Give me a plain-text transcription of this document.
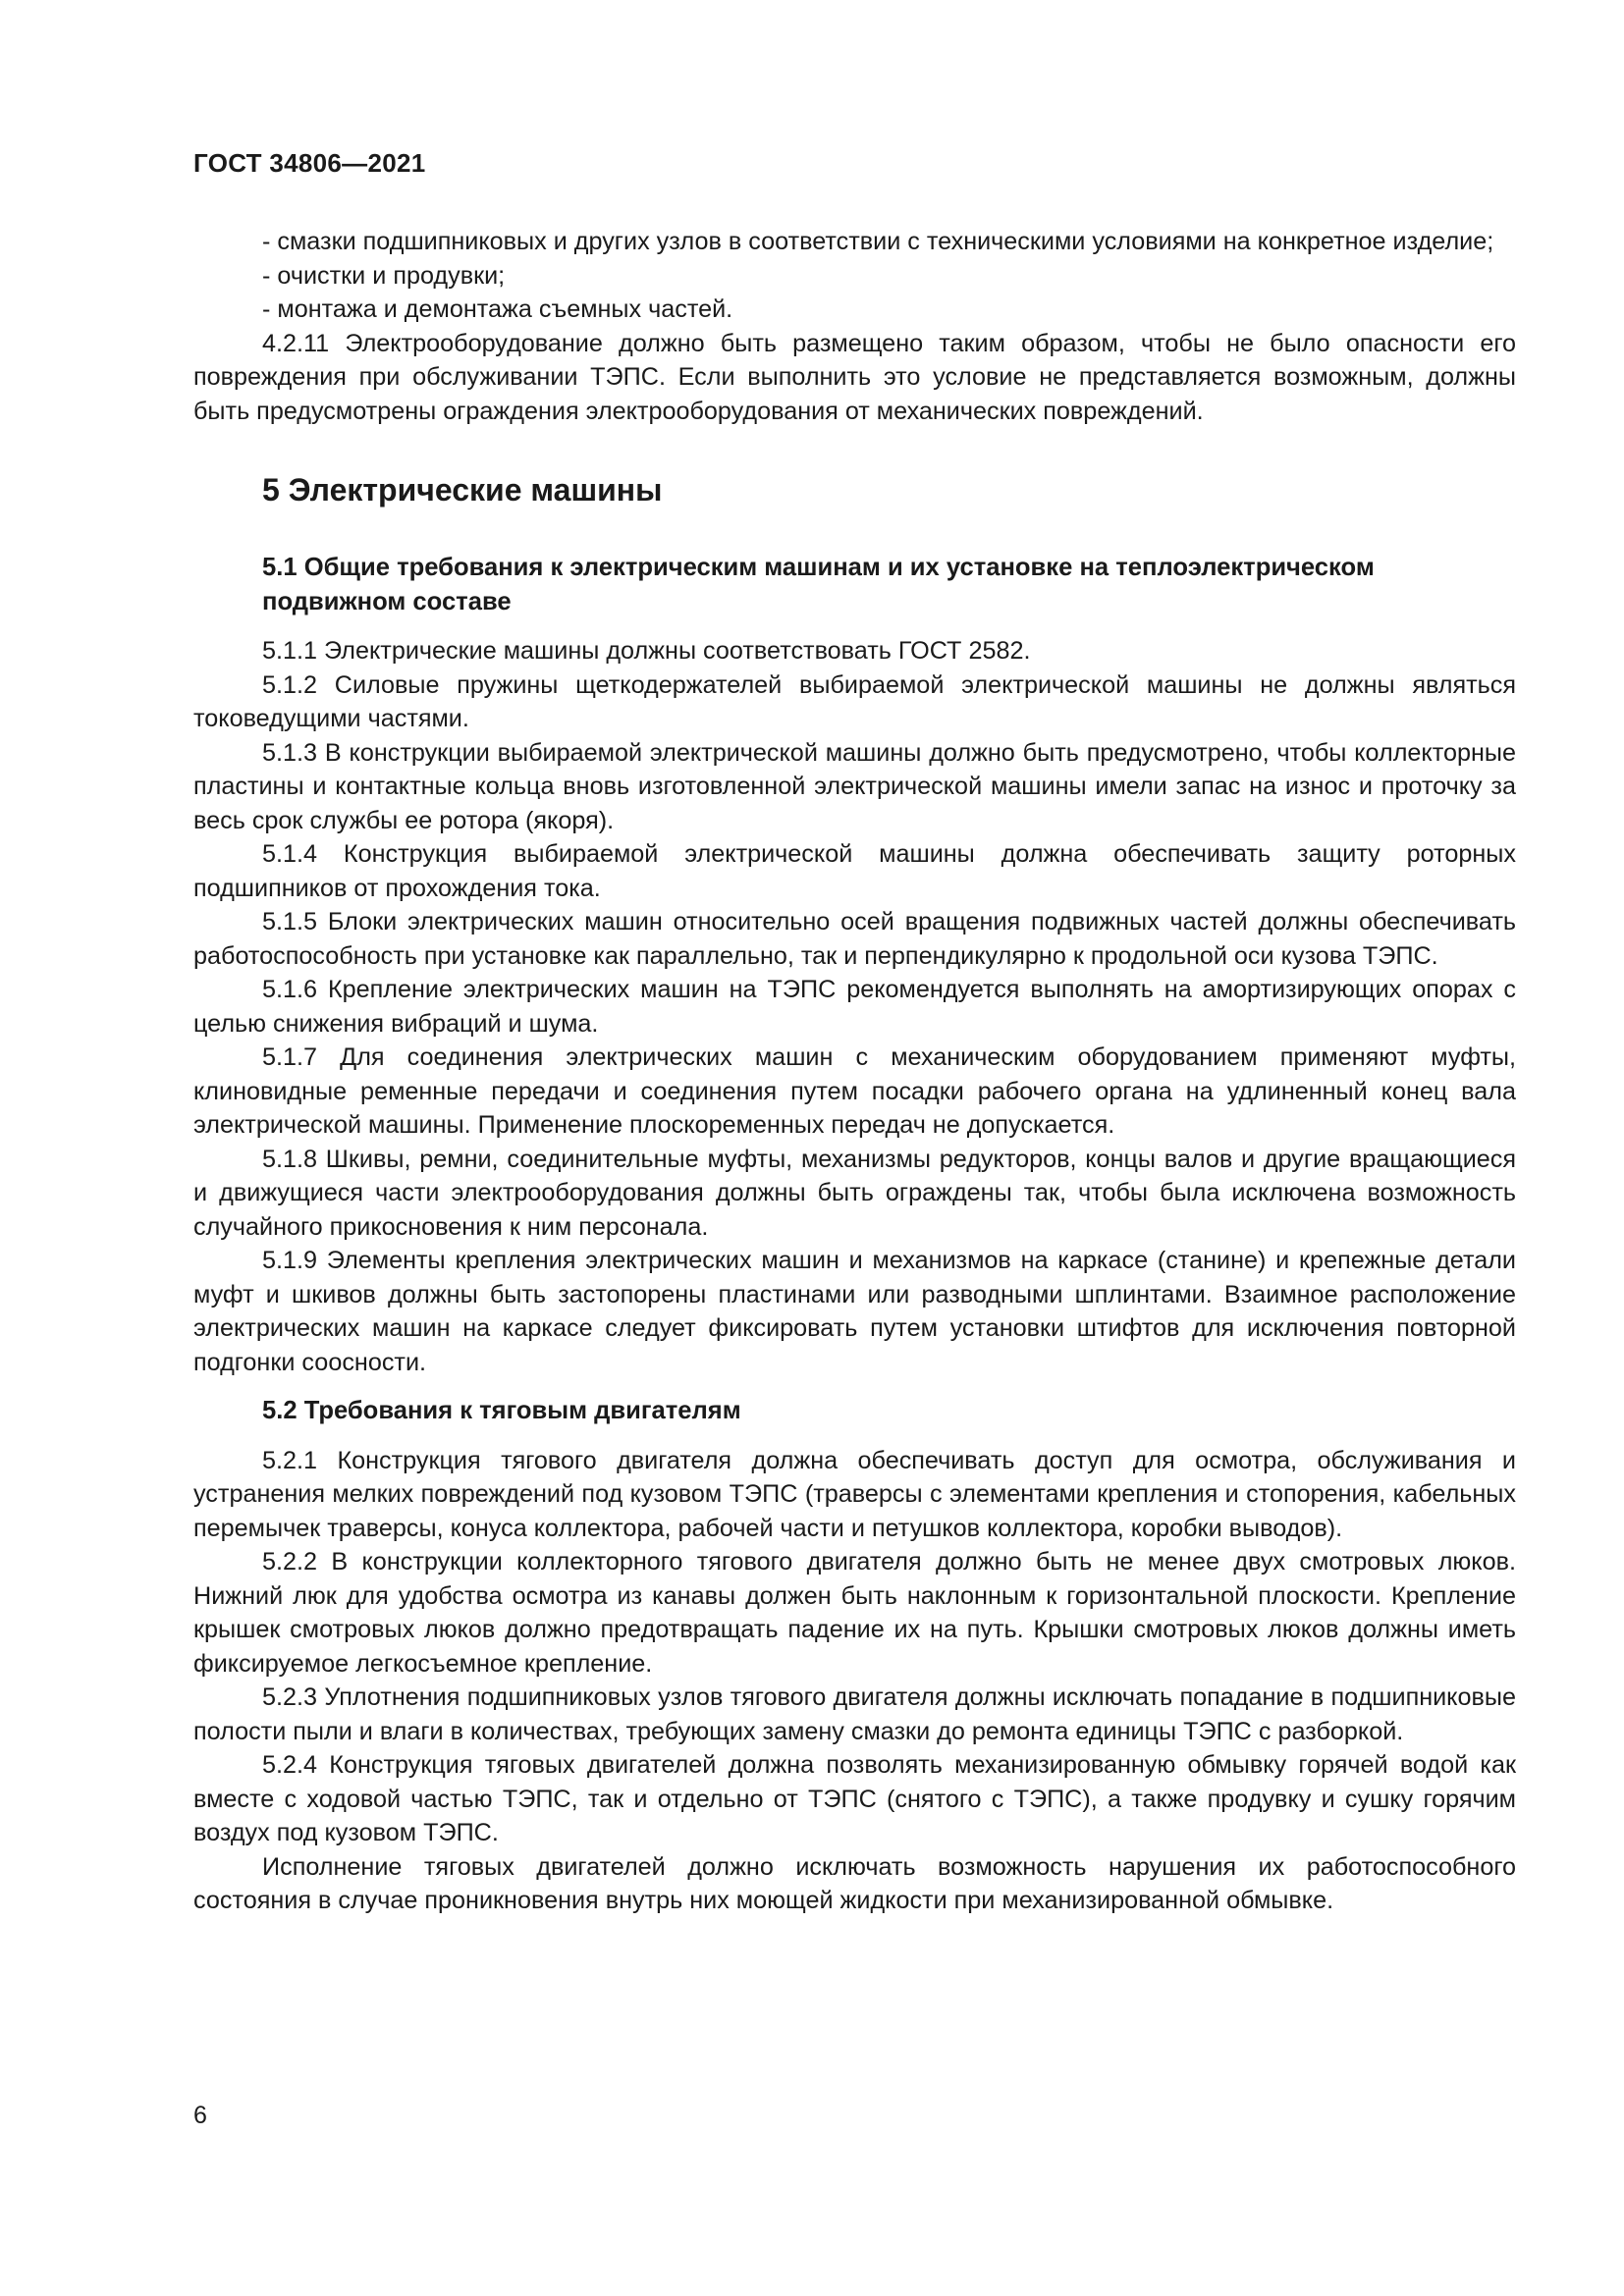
ГОСТ 34806—2021

- смазки подшипниковых и других узлов в соответствии с техническими условиями на конкретное изделие;

- очистки и продувки;

- монтажа и демонтажа съемных частей.

4.2.11 Электрооборудование должно быть размещено таким образом, чтобы не было опасности его повреждения при обслуживании ТЭПС. Если выполнить это условие не представляется возможным, должны быть предусмотрены ограждения электрооборудования от механических повреждений.

5 Электрические машины
5.1 Общие требования к электрическим машинам и их установке на теплоэлектрическом подвижном составе

5.1.1 Электрические машины должны соответствовать ГОСТ 2582.

5.1.2 Силовые пружины щеткодержателей выбираемой электрической машины не должны являться токоведущими частями.

5.1.3 В конструкции выбираемой электрической машины должно быть предусмотрено, чтобы коллекторные пластины и контактные кольца вновь изготовленной электрической машины имели запас на износ и проточку за весь срок службы ее ротора (якоря).

5.1.4 Конструкция выбираемой электрической машины должна обеспечивать защиту роторных подшипников от прохождения тока.

5.1.5 Блоки электрических машин относительно осей вращения подвижных частей должны обеспечивать работоспособность при установке как параллельно, так и перпендикулярно к продольной оси кузова ТЭПС.

5.1.6 Крепление электрических машин на ТЭПС рекомендуется выполнять на амортизирующих опорах с целью снижения вибраций и шума.

5.1.7 Для соединения электрических машин с механическим оборудованием применяют муфты, клиновидные ременные передачи и соединения путем посадки рабочего органа на удлиненный конец вала электрической машины. Применение плоскоременных передач не допускается.

5.1.8 Шкивы, ремни, соединительные муфты, механизмы редукторов, концы валов и другие вращающиеся и движущиеся части электрооборудования должны быть ограждены так, чтобы была исключена возможность случайного прикосновения к ним персонала.

5.1.9 Элементы крепления электрических машин и механизмов на каркасе (станине) и крепежные детали муфт и шкивов должны быть застопорены пластинами или разводными шплинтами. Взаимное расположение электрических машин на каркасе следует фиксировать путем установки штифтов для исключения повторной подгонки соосности.

5.2 Требования к тяговым двигателям

5.2.1 Конструкция тягового двигателя должна обеспечивать доступ для осмотра, обслуживания и устранения мелких повреждений под кузовом ТЭПС (траверсы с элементами крепления и стопорения, кабельных перемычек траверсы, конуса коллектора, рабочей части и петушков коллектора, коробки выводов).

5.2.2 В конструкции коллекторного тягового двигателя должно быть не менее двух смотровых люков. Нижний люк для удобства осмотра из канавы должен быть наклонным к горизонтальной плоскости. Крепление крышек смотровых люков должно предотвращать падение их на путь. Крышки смотровых люков должны иметь фиксируемое легкосъемное крепление.

5.2.3 Уплотнения подшипниковых узлов тягового двигателя должны исключать попадание в подшипниковые полости пыли и влаги в количествах, требующих замену смазки до ремонта единицы ТЭПС с разборкой.

5.2.4 Конструкция тяговых двигателей должна позволять механизированную обмывку горячей водой как вместе с ходовой частью ТЭПС, так и отдельно от ТЭПС (снятого с ТЭПС), а также продувку и сушку горячим воздух под кузовом ТЭПС.

Исполнение тяговых двигателей должно исключать возможность нарушения их работоспособного состояния в случае проникновения внутрь них моющей жидкости при механизированной обмывке.

6
